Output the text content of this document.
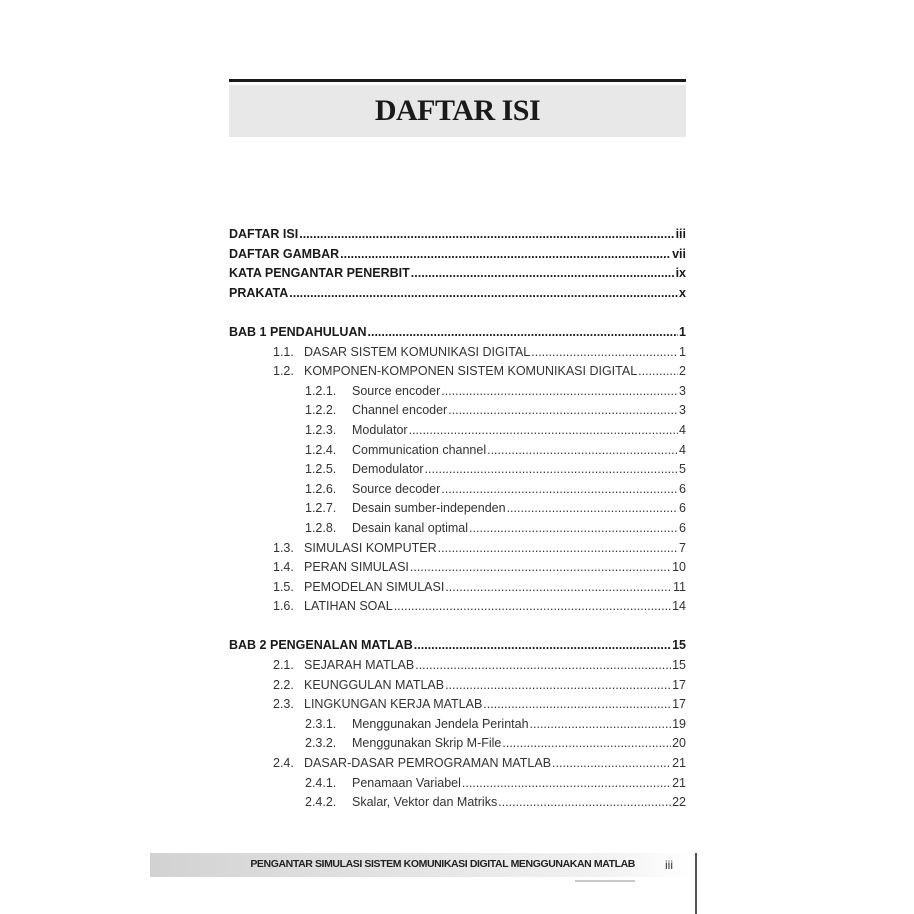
DAFTAR ISI
DAFTAR ISI .....	iii
DAFTAR GAMBAR .....	vii
KATA PENGANTAR PENERBIT .....	ix
PRAKATA .....	x
BAB 1 PENDAHULUAN .....	1
1.1. DASAR SISTEM KOMUNIKASI DIGITAL .....	1
1.2. KOMPONEN-KOMPONEN SISTEM KOMUNIKASI DIGITAL .....	2
1.2.1.	Source encoder .....	3
1.2.2.	Channel encoder .....	3
1.2.3.	Modulator .....	4
1.2.4.	Communication channel .....	4
1.2.5.	Demodulator .....	5
1.2.6.	Source decoder .....	6
1.2.7.	Desain sumber-independen .....	6
1.2.8.	Desain kanal optimal .....	6
1.3. SIMULASI KOMPUTER .....	7
1.4. PERAN SIMULASI .....	10
1.5. PEMODELAN SIMULASI .....	11
1.6. LATIHAN SOAL .....	14
BAB 2 PENGENALAN MATLAB .....	15
2.1. SEJARAH MATLAB .....	15
2.2. KEUNGGULAN MATLAB .....	17
2.3. LINGKUNGAN KERJA MATLAB .....	17
2.3.1.	Menggunakan Jendela Perintah .....	19
2.3.2.	Menggunakan Skrip M-File .....	20
2.4. DASAR-DASAR PEMROGRAMAN MATLAB .....	21
2.4.1.	Penamaan Variabel .....	21
2.4.2.	Skalar, Vektor dan Matriks .....	22
PENGANTAR SIMULASI SISTEM KOMUNIKASI DIGITAL MENGGUNAKAN MATLAB	iii
